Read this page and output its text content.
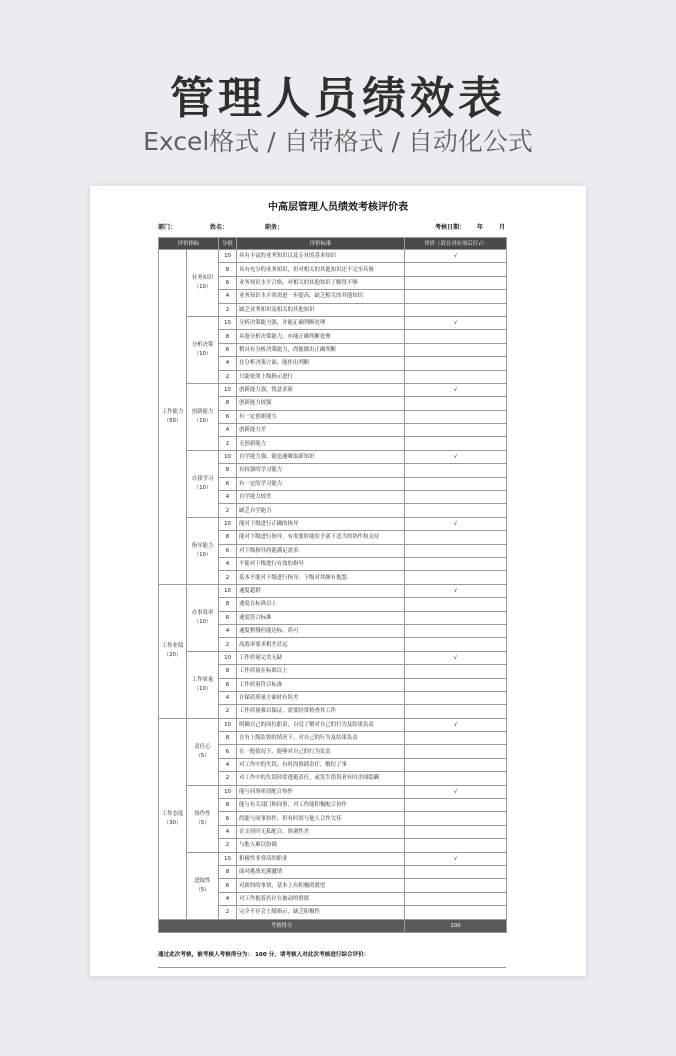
管理人员绩效表
Excel格式 / 自带格式 / 自动化公式
中高层管理人员绩效考核评价表
部门：	姓名：	职务：	考核日期： 年	月
评价指标		分值	评价标准	评价（请在对应项后打√）
工作能力（50）	业务知识（10）	10	具有丰富的业务知识以及专业的基本知识	√
		8	具有充分的业务知识，但对相关的其他知识还不完全具备	
		6	业务知识水平合格，对相关的其他知识了解得不够	
		4	业务知识水平尚需进一步提高，缺乏相关的其他知识	
		2	缺乏业务知识及相关的其他知识	
	分析决策（10）	10	分析决策能力强，并能正确判断处理	√
		8	具备分析决策能力，亦能正确判断处理	
		6	稍具有分析决策能力，尚能做出正确判断	
		4	在分析决策方面，能作出判断	
		2	只能依照上级指示进行	
	创新能力（10）	10	创新能力强，锐意求新	√
		8	创新能力较强	
		6	有一定创新能力	
		4	创新能力差	
		2	无创新能力	
	自我学习（10）	10	自学能力强，能迅速吸取新知识	√
		8	有较强的学习能力	
		6	有一定的学习能力	
		4	自学能力较差	
		2	缺乏自学能力	
	指导能力（10）	10	能对下级进行正确的指导	√
		8	能对下级进行指导，有需要时能给予部下适当的协作和支持	
		6	对下级指导尚能满足需求	
		4	不能对下级进行有效的指导	
		2	基本不能对下级进行指导，下级对其颇有抱怨	
工作业绩（20）	办事效率（10）	10	速度超群	√
		8	速度在标准以上	
		6	速度符合标准	
		4	速度稍慢但能达标，尚可	
		2	高效率要求相差甚远	
	工作质量（10）	10	工作质量完美无缺	√
		8	工作质量在标准以上	
		6	工作质量符合标准	
		4	在保质质量方面时有误差	
		2	工作质量难以保证，需要经常检查其工作	
工作态度（30）	责任心（5）	10	明确自己的岗位职责，自觉了解对自己的行为及结果负责	√
		8	在有上级监督的情况下，对自己的行为及结果负责	
		6	在一般情况下，能够对自己的行为负责	
		4	对工作中的失误，有时尚推卸责任，敷衍了事	
		2	对工作中的失误经常逃避责任，或发生错误者有时企图隐瞒	
	协作性（5）	10	能与同事密切配合协作	√
		8	能与有关部门和同事，对工作能积极配合协作	
		6	尚能与同事协作，但有时尚与他人合作欠佳	
		4	在支持时无私配合，协调性差	
		2	与他人难以协调	
	进取性（5）	10	积极性非常高的职业	√
		8	面对挑战充满激情	
		6	对新的的事情，基本上有积极的愿望	
		4	对工作抱着仍存在被动的情绪	
		2	完全不存会上级指示，缺乏积极性	
考核得分				100
通过此次考核，被考核人考核得分为： 100 分，请考核人对此次考核进行综合评价：
